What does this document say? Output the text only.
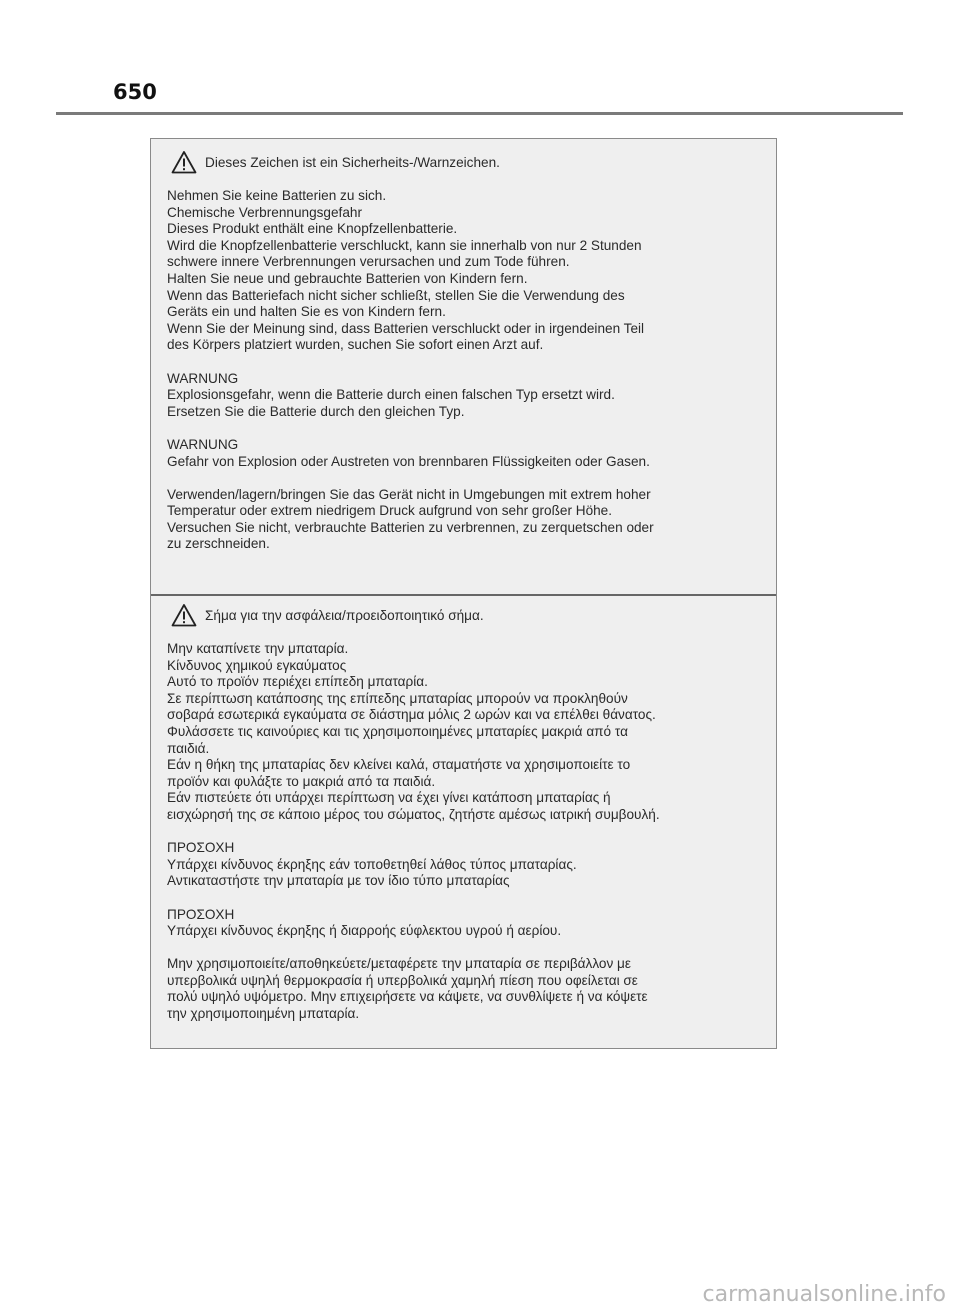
650
Dieses Zeichen ist ein Sicherheits-/Warnzeichen.
Nehmen Sie keine Batterien zu sich.
Chemische Verbrennungsgefahr
Dieses Produkt enthält eine Knopfzellenbatterie.
Wird die Knopfzellenbatterie verschluckt, kann sie innerhalb von nur 2 Stunden
schwere innere Verbrennungen verursachen und zum Tode führen.
Halten Sie neue und gebrauchte Batterien von Kindern fern.
Wenn das Batteriefach nicht sicher schließt, stellen Sie die Verwendung des
Geräts ein und halten Sie es von Kindern fern.
Wenn Sie der Meinung sind, dass Batterien verschluckt oder in irgendeinen Teil
des Körpers platziert wurden, suchen Sie sofort einen Arzt auf.
WARNUNG
Explosionsgefahr, wenn die Batterie durch einen falschen Typ ersetzt wird.
Ersetzen Sie die Batterie durch den gleichen Typ.
WARNUNG
Gefahr von Explosion oder Austreten von brennbaren Flüssigkeiten oder Gasen.
Verwenden/lagern/bringen Sie das Gerät nicht in Umgebungen mit extrem hoher
Temperatur oder extrem niedrigem Druck aufgrund von sehr großer Höhe.
Versuchen Sie nicht, verbrauchte Batterien zu verbrennen, zu zerquetschen oder
zu zerschneiden.
Σήμα για την ασφάλεια/προειδοποιητικό σήμα.
Μην καταπίνετε την μπαταρία.
Κίνδυνος χημικού εγκαύματος
Αυτό το προϊόν περιέχει επίπεδη μπαταρία.
Σε περίπτωση κατάποσης της επίπεδης μπαταρίας μπορούν να προκληθούν
σοβαρά εσωτερικά εγκαύματα σε διάστημα μόλις 2 ωρών και να επέλθει θάνατος.
Φυλάσσετε τις καινούριες και τις χρησιμοποιημένες μπαταρίες μακριά από τα
παιδιά.
Εάν η θήκη της μπαταρίας δεν κλείνει καλά, σταματήστε να χρησιμοποιείτε το
προϊόν και φυλάξτε το μακριά από τα παιδιά.
Εάν πιστεύετε ότι υπάρχει περίπτωση να έχει γίνει κατάποση μπαταρίας ή
εισχώρησή της σε κάποιο μέρος του σώματος, ζητήστε αμέσως ιατρική συμβουλή.
ΠΡΟΣΟΧΗ
Υπάρχει κίνδυνος έκρηξης εάν τοποθετηθεί λάθος τύπος μπαταρίας.
Αντικαταστήστε την μπαταρία με τον ίδιο τύπο μπαταρίας
ΠΡΟΣΟΧΗ
Υπάρχει κίνδυνος έκρηξης ή διαρροής εύφλεκτου υγρού ή αερίου.
Μην χρησιμοποιείτε/αποθηκεύετε/μεταφέρετε την μπαταρία σε περιβάλλον με
υπερβολικά υψηλή θερμοκρασία ή υπερβολικά χαμηλή πίεση που οφείλεται σε
πολύ υψηλό υψόμετρο. Μην επιχειρήσετε να κάψετε, να συνθλίψετε ή να κόψετε
την χρησιμοποιημένη μπαταρία.
carmanualsonline.info
